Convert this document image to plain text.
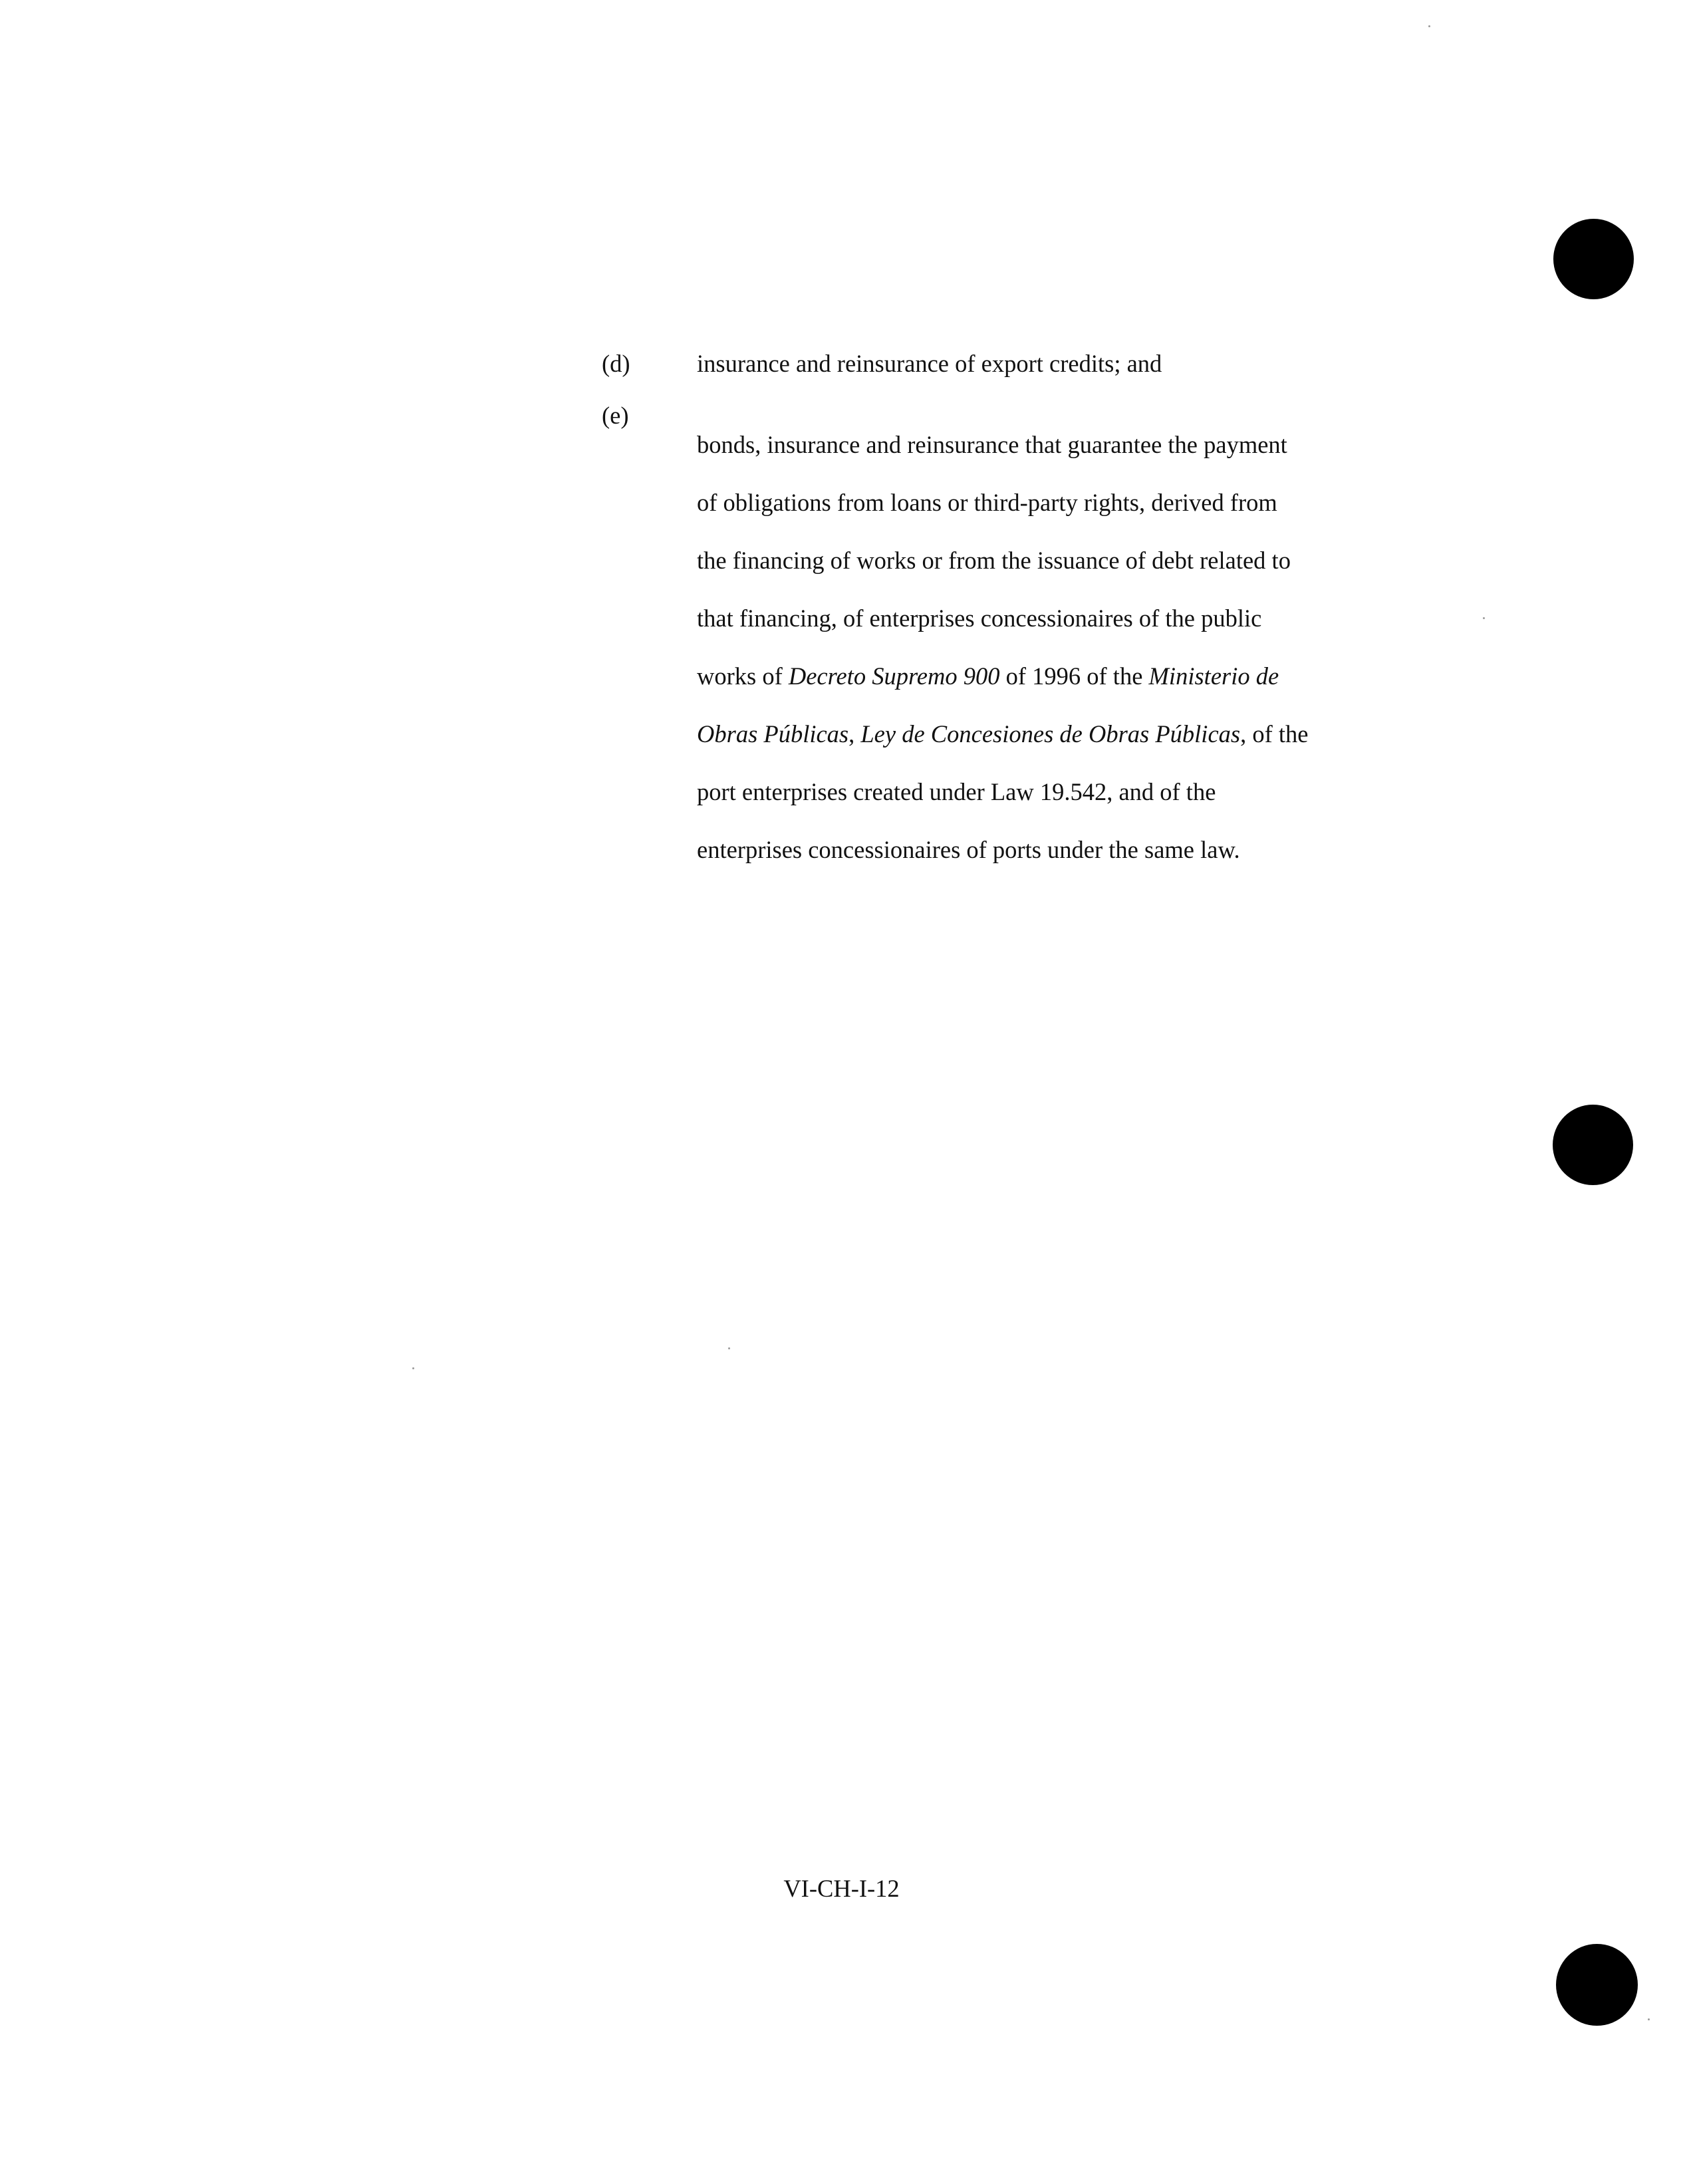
(d)	insurance and reinsurance of export credits; and
(e)

bonds, insurance and reinsurance that guarantee the payment

of obligations from loans or third-party rights, derived from

the financing of works or from the issuance of debt related to

that financing, of enterprises concessionaires of the public

works of Decreto Supremo 900 of 1996 of the Ministerio de

Obras Públicas, Ley de Concesiones de Obras Públicas, of the

port enterprises created under Law 19.542, and of the

enterprises concessionaires of ports under the same law.

VI-CH-I-12
